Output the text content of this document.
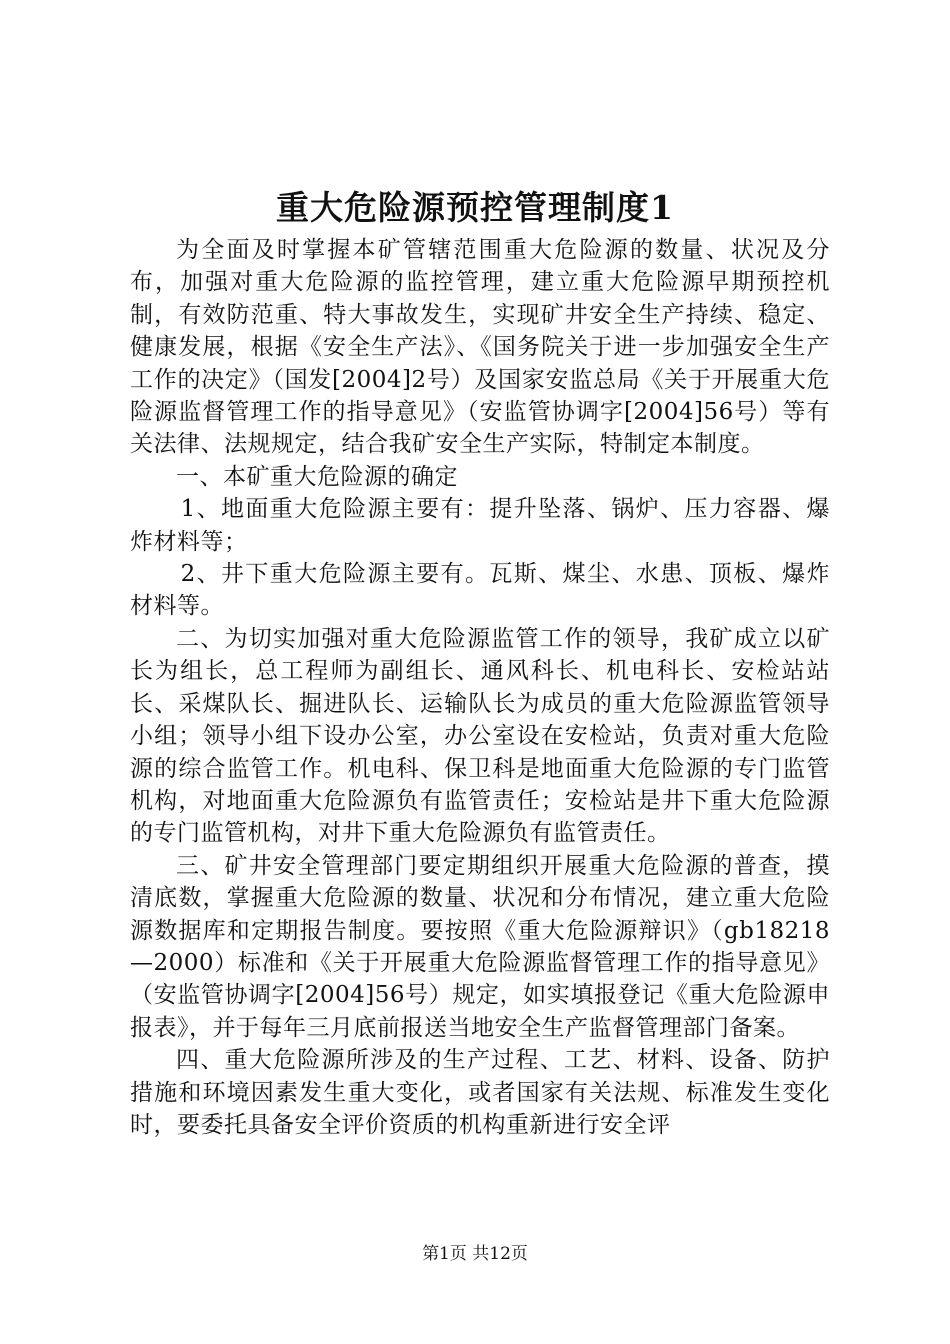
重大危险源预控管理制度1

为全面及时掌握本矿管辖范围重大危险源的数量、状况及分布，加强对重大危险源的监控管理，建立重大危险源早期预控机制，有效防范重、特大事故发生，实现矿井安全生产持续、稳定、健康发展，根据《安全生产法》、《国务院关于进一步加强安全生产工作的决定》（国发[2004]2号）及国家安监总局《关于开展重大危险源监督管理工作的指导意见》（安监管协调字[2004]56号）等有关法律、法规规定，结合我矿安全生产实际，特制定本制度。

一、本矿重大危险源的确定

1、地面重大危险源主要有：提升坠落、锅炉、压力容器、爆炸材料等；

2、井下重大危险源主要有。瓦斯、煤尘、水患、顶板、爆炸材料等。

二、为切实加强对重大危险源监管工作的领导，我矿成立以矿长为组长，总工程师为副组长、通风科长、机电科长、安检站站长、采煤队长、掘进队长、运输队长为成员的重大危险源监管领导小组；领导小组下设办公室，办公室设在安检站，负责对重大危险源的综合监管工作。机电科、保卫科是地面重大危险源的专门监管机构，对地面重大危险源负有监管责任；安检站是井下重大危险源的专门监管机构，对井下重大危险源负有监管责任。

三、矿井安全管理部门要定期组织开展重大危险源的普查，摸清底数，掌握重大危险源的数量、状况和分布情况，建立重大危险源数据库和定期报告制度。要按照《重大危险源辩识》（gb18218—2000）标准和《关于开展重大危险源监督管理工作的指导意见》（安监管协调字[2004]56号）规定，如实填报登记《重大危险源申报表》，并于每年三月底前报送当地安全生产监督管理部门备案。

四、重大危险源所涉及的生产过程、工艺、材料、设备、防护措施和环境因素发生重大变化，或者国家有关法规、标准发生变化时，要委托具备安全评价资质的机构重新进行安全评

第1页 共12页
